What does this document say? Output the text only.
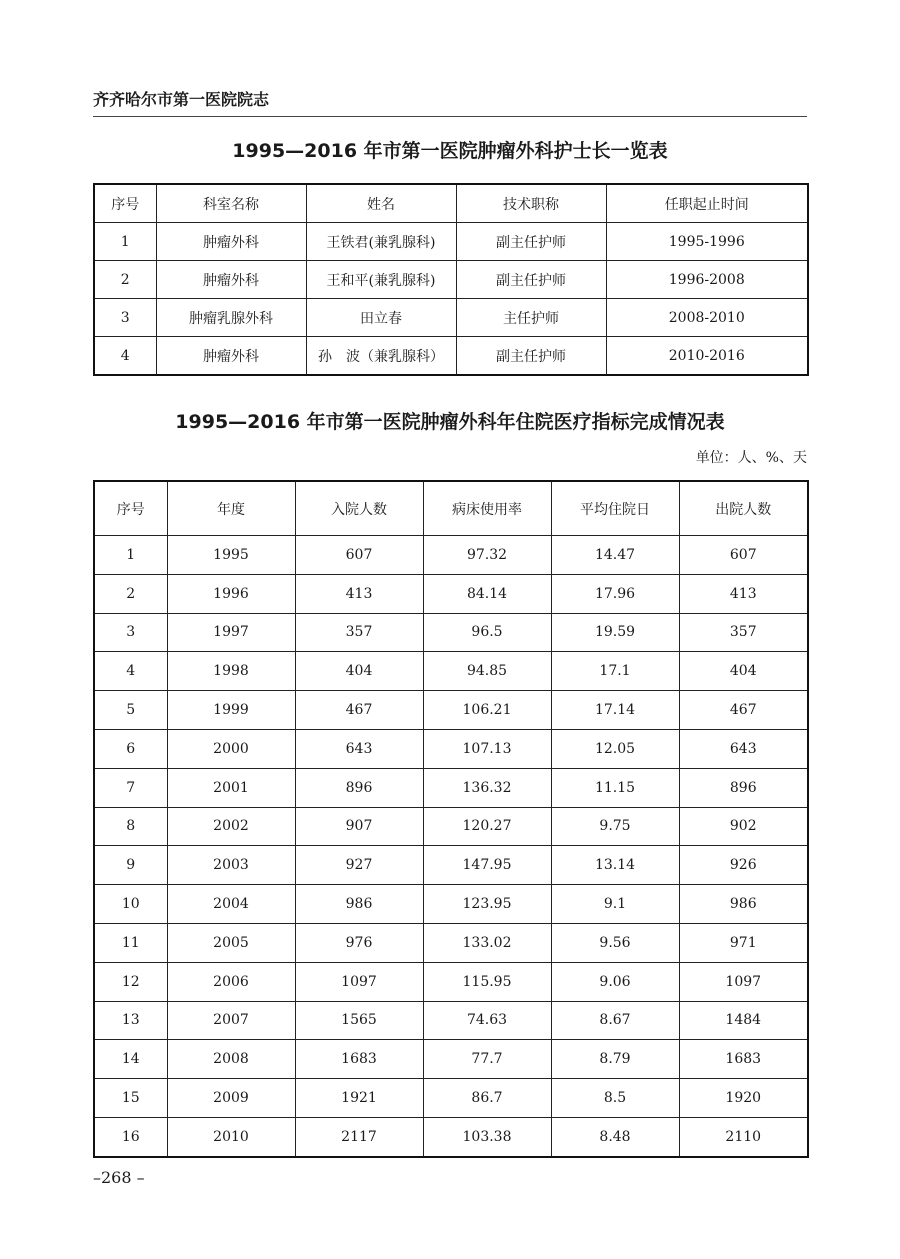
齐齐哈尔市第一医院院志
1995—2016 年市第一医院肿瘤外科护士长一览表
序号	科室名称	姓名	技术职称	任职起止时间
1	肿瘤外科	王铁君(兼乳腺科)	副主任护师	1995-1996
2	肿瘤外科	王和平(兼乳腺科)	副主任护师	1996-2008
3	肿瘤乳腺外科	田立春	主任护师	2008-2010
4	肿瘤外科	孙　波（兼乳腺科）	副主任护师	2010-2016
1995—2016 年市第一医院肿瘤外科年住院医疗指标完成情况表
单位：人、%、天
序号	年度	入院人数	病床使用率	平均住院日	出院人数
1	1995	607	97.32	14.47	607
2	1996	413	84.14	17.96	413
3	1997	357	96.5	19.59	357
4	1998	404	94.85	17.1	404
5	1999	467	106.21	17.14	467
6	2000	643	107.13	12.05	643
7	2001	896	136.32	11.15	896
8	2002	907	120.27	9.75	902
9	2003	927	147.95	13.14	926
10	2004	986	123.95	9.1	986
11	2005	976	133.02	9.56	971
12	2006	1097	115.95	9.06	1097
13	2007	1565	74.63	8.67	1484
14	2008	1683	77.7	8.79	1683
15	2009	1921	86.7	8.5	1920
16	2010	2117	103.38	8.48	2110
–268 –
